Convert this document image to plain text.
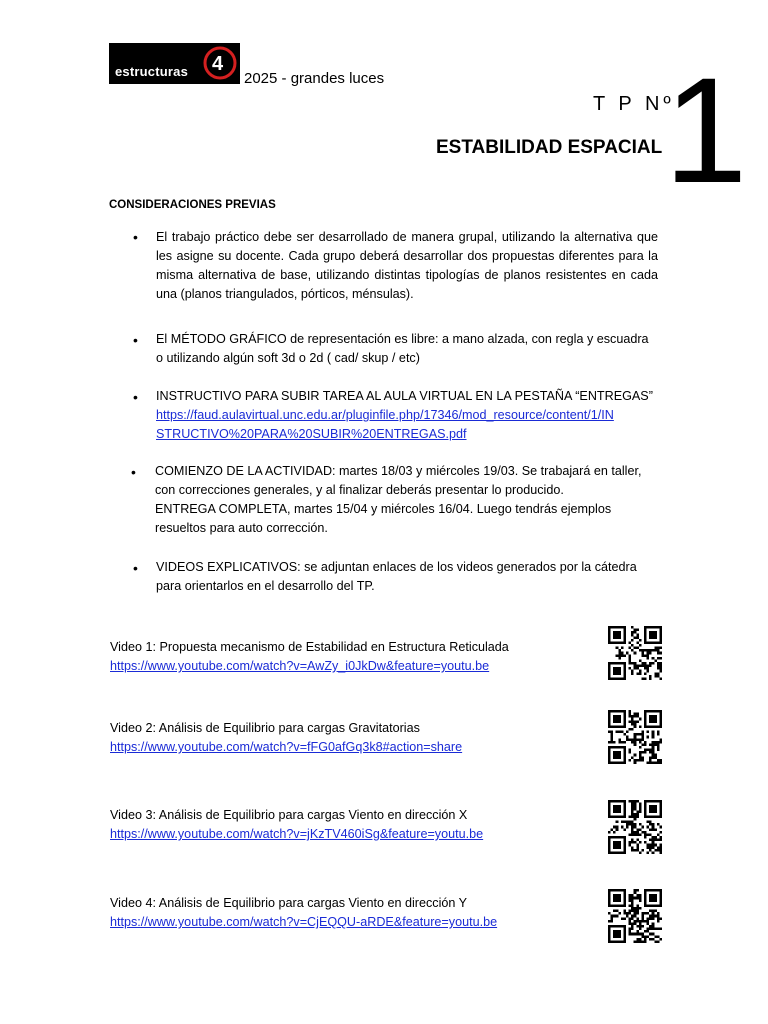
estructuras 4
2025 - grandes luces
T P Nº
1
ESTABILIDAD ESPACIAL
CONSIDERACIONES PREVIAS
• El trabajo práctico debe ser desarrollado de manera grupal, utilizando la alternativa que les asigne su docente. Cada grupo deberá desarrollar dos propuestas diferentes para la misma alternativa de base, utilizando distintas tipologías de planos resistentes en cada una (planos triangulados, pórticos, ménsulas).
• El MÉTODO GRÁFICO de representación es libre: a mano alzada, con regla y escuadra o utilizando algún soft 3d o 2d ( cad/ skup / etc)
• INSTRUCTIVO PARA SUBIR TAREA AL AULA VIRTUAL EN LA PESTAÑA “ENTREGAS”
https://faud.aulavirtual.unc.edu.ar/pluginfile.php/17346/mod_resource/content/1/IN
STRUCTIVO%20PARA%20SUBIR%20ENTREGAS.pdf
• COMIENZO DE LA ACTIVIDAD: martes 18/03 y miércoles 19/03. Se trabajará en taller,
con correcciones generales, y al finalizar deberás presentar lo producido.
ENTREGA COMPLETA, martes 15/04 y miércoles 16/04. Luego tendrás ejemplos
resueltos para auto corrección.
• VIDEOS EXPLICATIVOS: se adjuntan enlaces de los videos generados por la cátedra
para orientarlos en el desarrollo del TP.
Video 1: Propuesta mecanismo de Estabilidad en Estructura Reticulada
https://www.youtube.com/watch?v=AwZy_i0JkDw&feature=youtu.be
Video 2: Análisis de Equilibrio para cargas Gravitatorias
https://www.youtube.com/watch?v=fFG0afGq3k8#action=share
Video 3: Análisis de Equilibrio para cargas Viento en dirección X
https://www.youtube.com/watch?v=jKzTV460iSg&feature=youtu.be
Video 4: Análisis de Equilibrio para cargas Viento en dirección Y
https://www.youtube.com/watch?v=CjEQQU-aRDE&feature=youtu.be
